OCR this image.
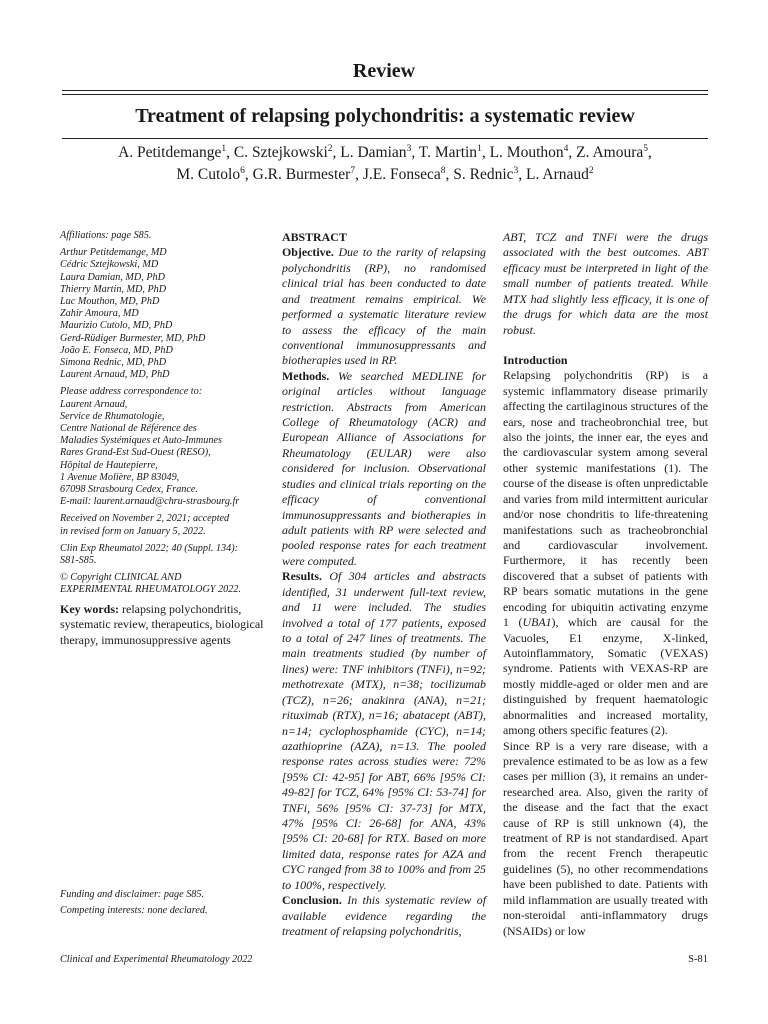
Review
Treatment of relapsing polychondritis: a systematic review
A. Petitdemange$^1$, C. Sztejkowski$^2$, L. Damian$^3$, T. Martin$^1$, L. Mouthon$^4$, Z. Amoura$^5$,
M. Cutolo$^6$, G.R. Burmester$^7$, J.E. Fonseca$^8$, S. Rednic$^3$, L. Arnaud$^2$
Affiliations: page S85.
Arthur Petitdemange, MD
Cédric Sztejkowski, MD
Laura Damian, MD, PhD
Thierry Martin, MD, PhD
Luc Mouthon, MD, PhD
Zahir Amoura, MD
Maurizio Cutolo, MD, PhD
Gerd-Rüdiger Burmester, MD, PhD
João E. Fonseca, MD, PhD
Simona Rednic, MD, PhD
Laurent Arnaud, MD, PhD
Please address correspondence to:
Laurent Arnaud,
Service de Rhumatologie,
Centre National de Référence des
Maladies Systémiques et Auto-Immunes
Rares Grand-Est Sud-Ouest (RESO),
Hôpital de Hautepierre,
1 Avenue Molière, BP 83049,
67098 Strasbourg Cedex, France.
E-mail: laurent.arnaud@chru-strasbourg.fr
Received on November 2, 2021; accepted
in revised form on January 5, 2022.
Clin Exp Rheumatol 2022; 40 (Suppl. 134):
S81-S85.
© Copyright CLINICAL AND
EXPERIMENTAL RHEUMATOLOGY 2022.
Key words: relapsing polychondritis, systematic review, therapeutics, biological therapy, immunosuppressive agents
Funding and disclaimer: page S85.
Competing interests: none declared.

ABSTRACT

Objective. Due to the rarity of relapsing polychondritis (RP), no randomised clinical trial has been conducted to date and treatment remains empirical. We performed a systematic literature review to assess the efficacy of the main conventional immunosuppressants and biotherapies used in RP.

Methods. We searched MEDLINE for original articles without language restriction. Abstracts from American College of Rheumatology (ACR) and European Alliance of Associations for Rheumatology (EULAR) were also considered for inclusion. Observational studies and clinical trials reporting on the efficacy of conventional immunosuppressants and biotherapies in adult patients with RP were selected and pooled response rates for each treatment were computed.

Results. Of 304 articles and abstracts identified, 31 underwent full-text review, and 11 were included. The studies involved a total of 177 patients, exposed to a total of 247 lines of treatments. The main treatments studied (by number of lines) were: TNF inhibitors (TNFi), n=92; methotrexate (MTX), n=38; tocilizumab (TCZ), n=26; anakinra (ANA), n=21; rituximab (RTX), n=16; abatacept (ABT), n=14; cyclophosphamide (CYC), n=14; azathioprine (AZA), n=13. The pooled response rates across studies were: 72% [95% CI: 42-95] for ABT, 66% [95% CI: 49-82] for TCZ, 64% [95% CI: 53-74] for TNFi, 56% [95% CI: 37-73] for MTX, 47% [95% CI: 26-68] for ANA, 43% [95% CI: 20-68] for RTX. Based on more limited data, response rates for AZA and CYC ranged from 38 to 100% and from 25 to 100%, respectively.

Conclusion. In this systematic review of available evidence regarding the treatment of relapsing polychondritis,

ABT, TCZ and TNFi were the drugs associated with the best outcomes. ABT efficacy must be interpreted in light of the small number of patients treated. While MTX had slightly less efficacy, it is one of the drugs for which data are the most robust.

Introduction

Relapsing polychondritis (RP) is a systemic inflammatory disease primarily affecting the cartilaginous structures of the ears, nose and tracheobronchial tree, but also the joints, the inner ear, the eyes and the cardiovascular system among several other systemic manifestations (1). The course of the disease is often unpredictable and varies from mild intermittent auricular and/or nose chondritis to life-threatening manifestations such as tracheobronchial and cardiovascular involvement. Furthermore, it has recently been discovered that a subset of patients with RP bears somatic mutations in the gene encoding for ubiquitin activating enzyme 1 (UBA1), which are causal for the Vacuoles, E1 enzyme, X-linked, Autoinflammatory, Somatic (VEXAS) syndrome. Patients with VEXAS-RP are mostly middle-aged or older men and are distinguished by frequent haematologic abnormalities and increased mortality, among others specific features (2).

Since RP is a very rare disease, with a prevalence estimated to be as low as a few cases per million (3), it remains an under-researched area. Also, given the rarity of the disease and the fact that the exact cause of RP is still unknown (4), the treatment of RP is not standardised. Apart from the recent French therapeutic guidelines (5), no other recommendations have been published to date. Patients with mild inflammation are usually treated with non-steroidal anti-inflammatory drugs (NSAIDs) or low

Clinical and Experimental Rheumatology 2022	S-81
